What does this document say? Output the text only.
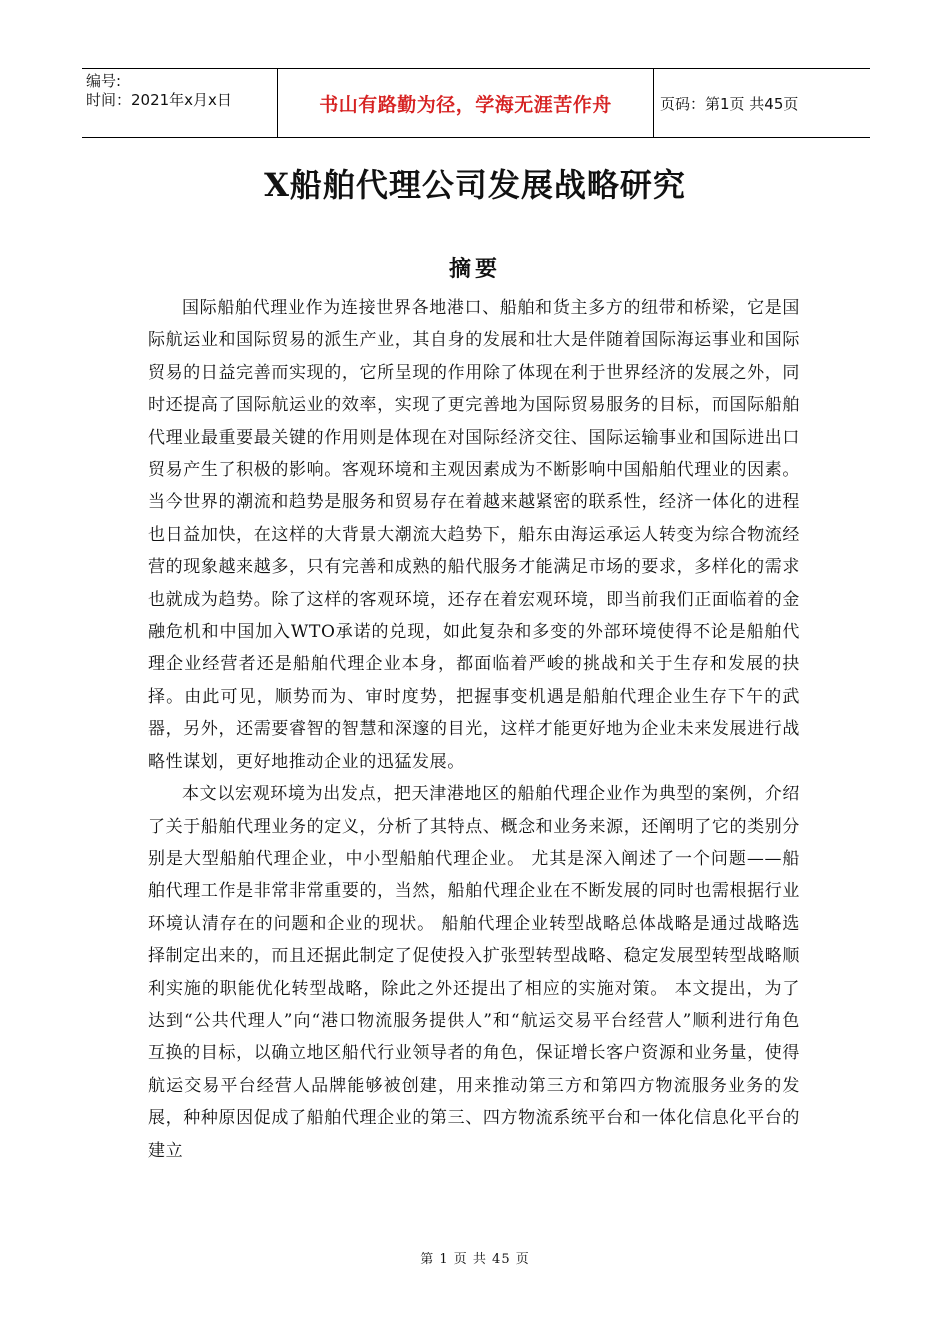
编号:
时间：2021年x月x日	书山有路勤为径，学海无涯苦作舟	页码：第1页 共45页
X船舶代理公司发展战略研究
摘要

国际船舶代理业作为连接世界各地港口、船舶和货主多方的纽带和桥梁，它是国际航运业和国际贸易的派生产业，其自身的发展和壮大是伴随着国际海运事业和国际贸易的日益完善而实现的，它所呈现的作用除了体现在利于世界经济的发展之外，同时还提高了国际航运业的效率，实现了更完善地为国际贸易服务的目标，而国际船舶代理业最重要最关键的作用则是体现在对国际经济交往、国际运输事业和国际进出口贸易产生了积极的影响。客观环境和主观因素成为不断影响中国船舶代理业的因素。当今世界的潮流和趋势是服务和贸易存在着越来越紧密的联系性，经济一体化的进程也日益加快，在这样的大背景大潮流大趋势下，船东由海运承运人转变为综合物流经营的现象越来越多，只有完善和成熟的船代服务才能满足市场的要求，多样化的需求也就成为趋势。除了这样的客观环境，还存在着宏观环境，即当前我们正面临着的金融危机和中国加入WTO承诺的兑现，如此复杂和多变的外部环境使得不论是船舶代理企业经营者还是船舶代理企业本身，都面临着严峻的挑战和关于生存和发展的抉择。由此可见，顺势而为、审时度势，把握事变机遇是船舶代理企业生存下午的武器，另外，还需要睿智的智慧和深邃的目光，这样才能更好地为企业未来发展进行战略性谋划，更好地推动企业的迅猛发展。

本文以宏观环境为出发点，把天津港地区的船舶代理企业作为典型的案例，介绍了关于船舶代理业务的定义，分析了其特点、概念和业务来源，还阐明了它的类别分别是大型船舶代理企业，中小型船舶代理企业。 尤其是深入阐述了一个问题——船舶代理工作是非常非常重要的，当然，船舶代理企业在不断发展的同时也需根据行业环境认清存在的问题和企业的现状。 船舶代理企业转型战略总体战略是通过战略选择制定出来的，而且还据此制定了促使投入扩张型转型战略、稳定发展型转型战略顺利实施的职能优化转型战略，除此之外还提出了相应的实施对策。 本文提出，为了达到“公共代理人”向“港口物流服务提供人”和“航运交易平台经营人”顺利进行角色互换的目标，以确立地区船代行业领导者的角色，保证增长客户资源和业务量，使得航运交易平台经营人品牌能够被创建，用来推动第三方和第四方物流服务业务的发展，种种原因促成了船舶代理企业的第三、四方物流系统平台和一体化信息化平台的建立

第 1 页 共 45 页
